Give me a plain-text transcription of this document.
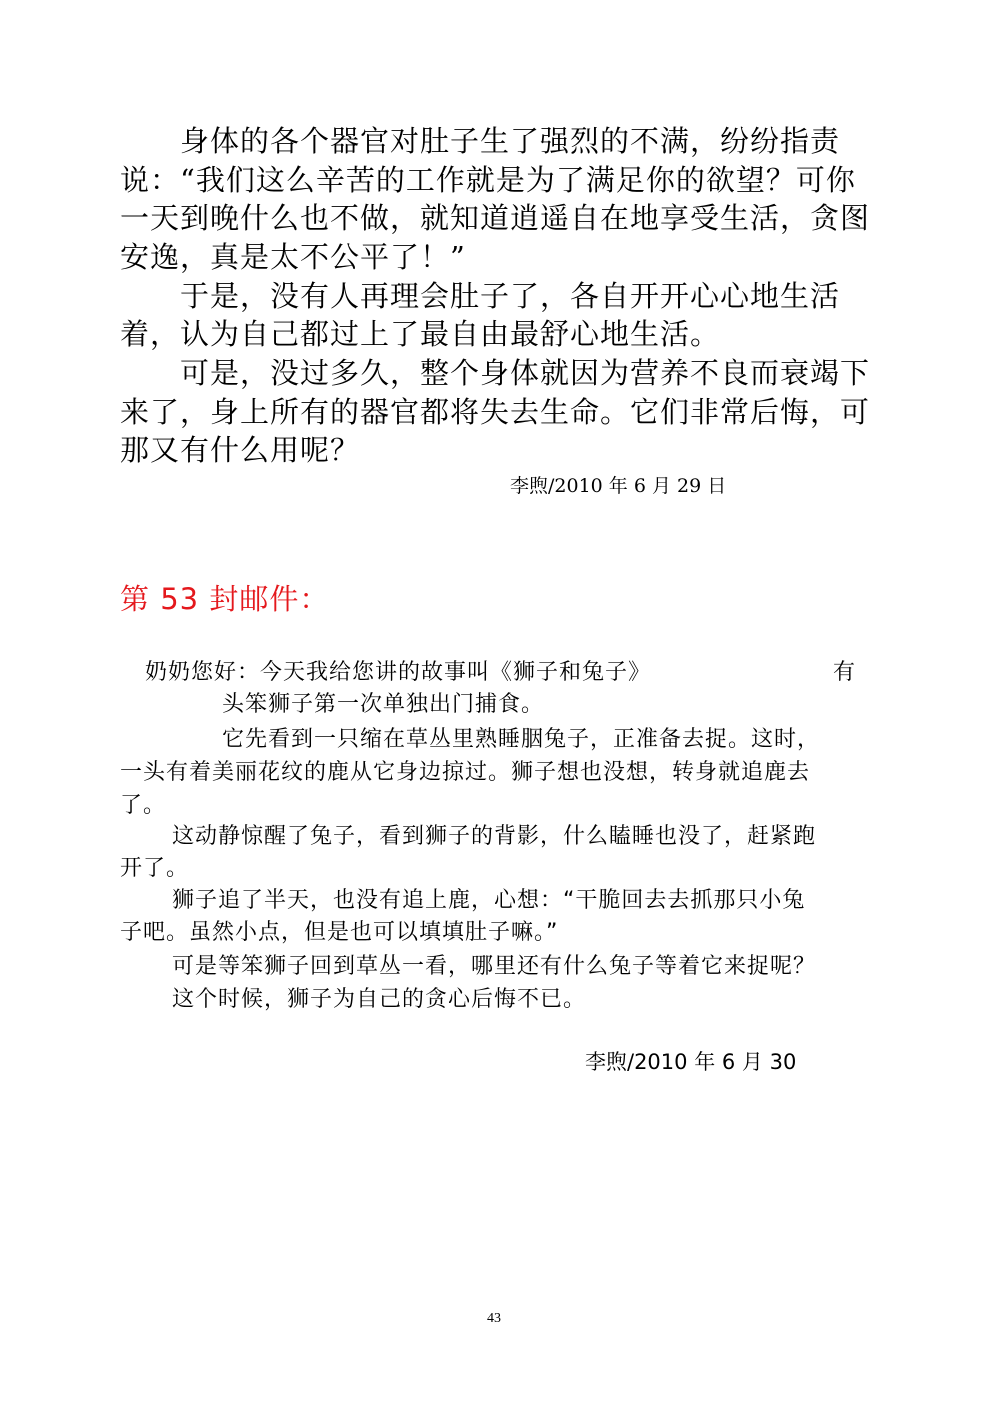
身体的各个器官对肚子生了强烈的不满，纷纷指责
说：“我们这么辛苦的工作就是为了满足你的欲望？可你
一天到晚什么也不做，就知道逍遥自在地享受生活，贪图
安逸，真是太不公平了！”
于是，没有人再理会肚子了，各自开开心心地生活
着，认为自己都过上了最自由最舒心地生活。
可是，没过多久，整个身体就因为营养不良而衰竭下
来了，身上所有的器官都将失去生命。它们非常后悔，可
那又有什么用呢？
李煦/2010 年 6 月 29 日
第 53 封邮件：
奶奶您好：今天我给您讲的故事叫《狮子和兔子》	有
头笨狮子第一次单独出门捕食。
它先看到一只缩在草丛里熟睡胭兔子，正准备去捉。这时，
一头有着美丽花纹的鹿从它身边掠过。狮子想也没想，转身就追鹿去
了。
这动静惊醒了兔子，看到狮子的背影，什么瞌睡也没了，赶紧跑
开了。
狮子追了半天，也没有追上鹿，心想：“干脆回去去抓那只小兔
子吧。虽然小点，但是也可以填填肚子嘛。”
可是等笨狮子回到草丛一看，哪里还有什么兔子等着它来捉呢？
这个时候，狮子为自己的贪心后悔不已。
李煦/2010 年 6 月 30
43
